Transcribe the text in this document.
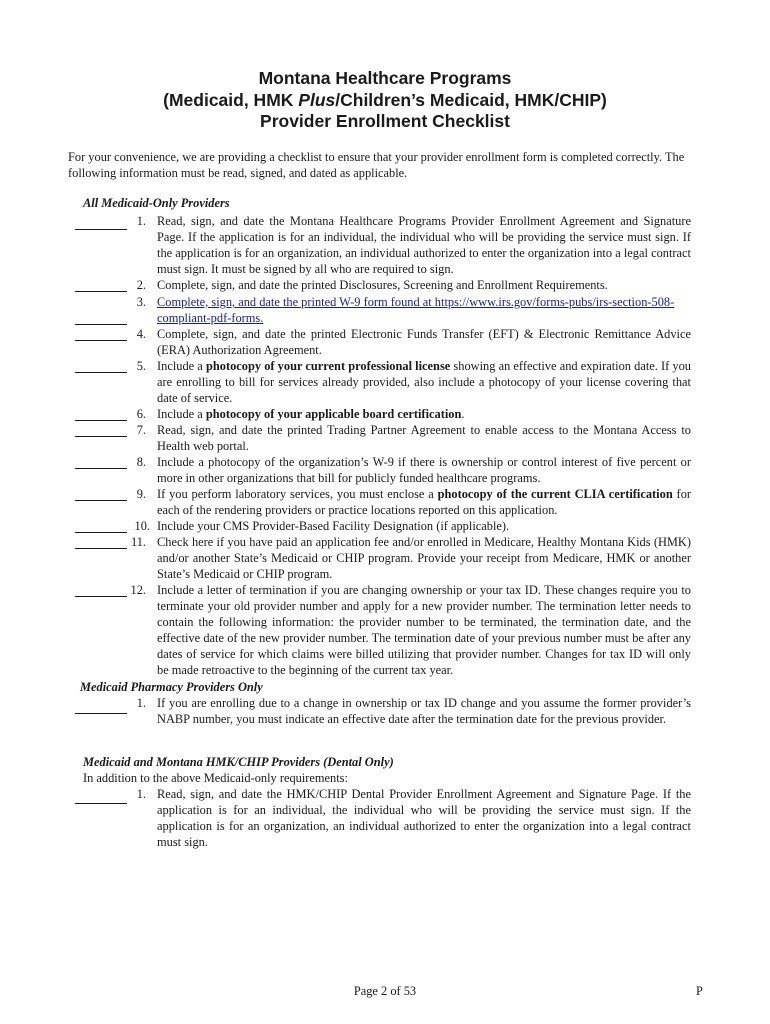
Montana Healthcare Programs
(Medicaid, HMK Plus/Children’s Medicaid, HMK/CHIP)
Provider Enrollment Checklist
For your convenience, we are providing a checklist to ensure that your provider enrollment form is completed correctly. The following information must be read, signed, and dated as applicable.
All Medicaid-Only Providers
1. Read, sign, and date the Montana Healthcare Programs Provider Enrollment Agreement and Signature Page. If the application is for an individual, the individual who will be providing the service must sign. If the application is for an organization, an individual authorized to enter the organization into a legal contract must sign. It must be signed by all who are required to sign.
2. Complete, sign, and date the printed Disclosures, Screening and Enrollment Requirements.
3. Complete, sign, and date the printed W-9 form found at https://www.irs.gov/forms-pubs/irs-section-508-compliant-pdf-forms.
4. Complete, sign, and date the printed Electronic Funds Transfer (EFT) & Electronic Remittance Advice (ERA) Authorization Agreement.
5. Include a photocopy of your current professional license showing an effective and expiration date. If you are enrolling to bill for services already provided, also include a photocopy of your license covering that date of service.
6. Include a photocopy of your applicable board certification.
7. Read, sign, and date the printed Trading Partner Agreement to enable access to the Montana Access to Health web portal.
8. Include a photocopy of the organization’s W-9 if there is ownership or control interest of five percent or more in other organizations that bill for publicly funded healthcare programs.
9. If you perform laboratory services, you must enclose a photocopy of the current CLIA certification for each of the rendering providers or practice locations reported on this application.
10. Include your CMS Provider-Based Facility Designation (if applicable).
11. Check here if you have paid an application fee and/or enrolled in Medicare, Healthy Montana Kids (HMK) and/or another State’s Medicaid or CHIP program. Provide your receipt from Medicare, HMK or another State’s Medicaid or CHIP program.
12. Include a letter of termination if you are changing ownership or your tax ID. These changes require you to terminate your old provider number and apply for a new provider number. The termination letter needs to contain the following information: the provider number to be terminated, the termination date, and the effective date of the new provider number. The termination date of your previous number must be after any dates of service for which claims were billed utilizing that provider number. Changes for tax ID will only be made retroactive to the beginning of the current tax year.
Medicaid Pharmacy Providers Only
1. If you are enrolling due to a change in ownership or tax ID change and you assume the former provider’s NABP number, you must indicate an effective date after the termination date for the previous provider.
Medicaid and Montana HMK/CHIP Providers (Dental Only)
In addition to the above Medicaid-only requirements:
1. Read, sign, and date the HMK/CHIP Dental Provider Enrollment Agreement and Signature Page. If the application is for an individual, the individual who will be providing the service must sign. If the application is for an organization, an individual authorized to enter the organization into a legal contract must sign.
Page 2 of 53	P
